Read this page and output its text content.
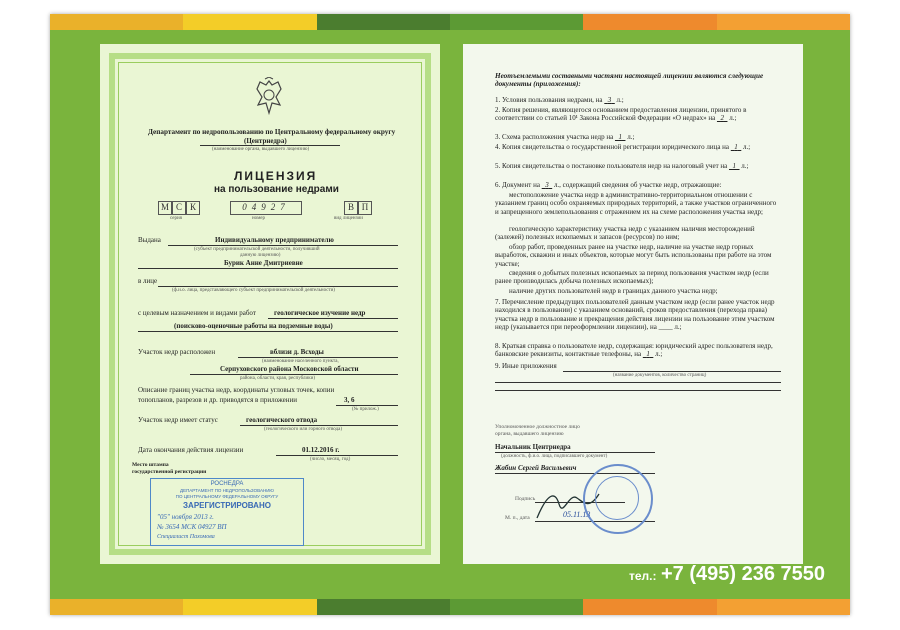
Департамент по недропользованию по Центральному федеральному округу
(Центрнедра)
(наименование органа, выдавшего лицензию)
ЛИЦЕНЗИЯ
на пользование недрами
М С К	04927	В П
серия	номер	вид лицензии
Выдана	Индивидуальному предпринимателю
(субъект предпринимательской деятельности, получивший
данную лицензию)
Бурик Анне Дмитриевне
в лице
(ф.и.о. лица, представляющего субъект предпринимательской деятельности)
с целевым назначением и видами работ	геологическое изучение недр
(поисково-оценочные работы на подземные воды)
Участок недр расположен	вблизи д. Всходы
(наименование населенного пункта,
Серпуховского района Московской области
района, области, края, республики)
Описание границ участка недр, координаты угловых точек, копии
топопланов, разрезов и др. приводятся в приложении	3, 6
(№ прилож.)
Участок недр имеет статус	геологического отвода
(геологического или горного отвода)
Дата окончания действия лицензии	01.12.2016 г.
(число, месяц, год)
Место штампа
государственной регистрации
РОСНЕДРА
ДЕПАРТАМЕНТ ПО НЕДРОПОЛЬЗОВАНИЮ
ПО ЦЕНТРАЛЬНОМУ ФЕДЕРАЛЬНОМУ ОКРУГУ
ЗАРЕГИСТРИРОВАНО
"05" ноября 2013 г.
№ 3654 МСК 04927 ВП
Специалист Пахомова
Неотъемлемыми составными частями настоящей лицензии являются следующие документы (приложения):
1. Условия пользования недрами, на 3 л.;
2. Копия решения, являющегося основанием предоставления лицензии, принятого в соответствии со статьей 10¹ Закона Российской Федерации «О недрах» на 2 л.;
3. Схема расположения участка недр на 1 л.;
4. Копия свидетельства о государственной регистрации юридического лица на 1 л.;
5. Копия свидетельства о постановке пользователя недр на налоговый учет на 1 л.;
6. Документ на 3 л., содержащий сведения об участке недр, отражающие:
местоположение участка недр в административно-территориальном отношении с указанием границ особо охраняемых природных территорий, а также участков ограниченного и запрещенного землепользования с отражением их на схеме расположения участка недр;
геологическую характеристику участка недр с указанием наличия месторождений (залежей) полезных ископаемых и запасов (ресурсов) по ним;
обзор работ, проведенных ранее на участке недр, наличие на участке недр горных выработок, скважин и иных объектов, которые могут быть использованы при работе на этом участке;
сведения о добытых полезных ископаемых за период пользования участком недр (если ранее производилась добыча полезных ископаемых);
наличие других пользователей недр в границах данного участка недр;
7. Перечисление предыдущих пользователей данным участком недр (если ранее участок недр находился в пользовании) с указанием оснований, сроков предоставления (перехода права) участка недр в пользование и прекращения действия лицензии на пользование этим участком недр (указывается при переоформлении лицензии), на ____ л.;
8. Краткая справка о пользователе недр, содержащая: юридический адрес пользователя недр, банковские реквизиты, контактные телефоны, на 1 л.;
9. Иные приложения
(название документов, количество страниц)
Уполномоченное должностное лицо
органа, выдавшего лицензию
Начальник Центрнедра
(должность, ф.и.о. лица, подписавшего документ)
Жабин Сергей Васильевич
Подпись
М. п., дата	05.11.13
тел.: +7 (495) 236 7550
